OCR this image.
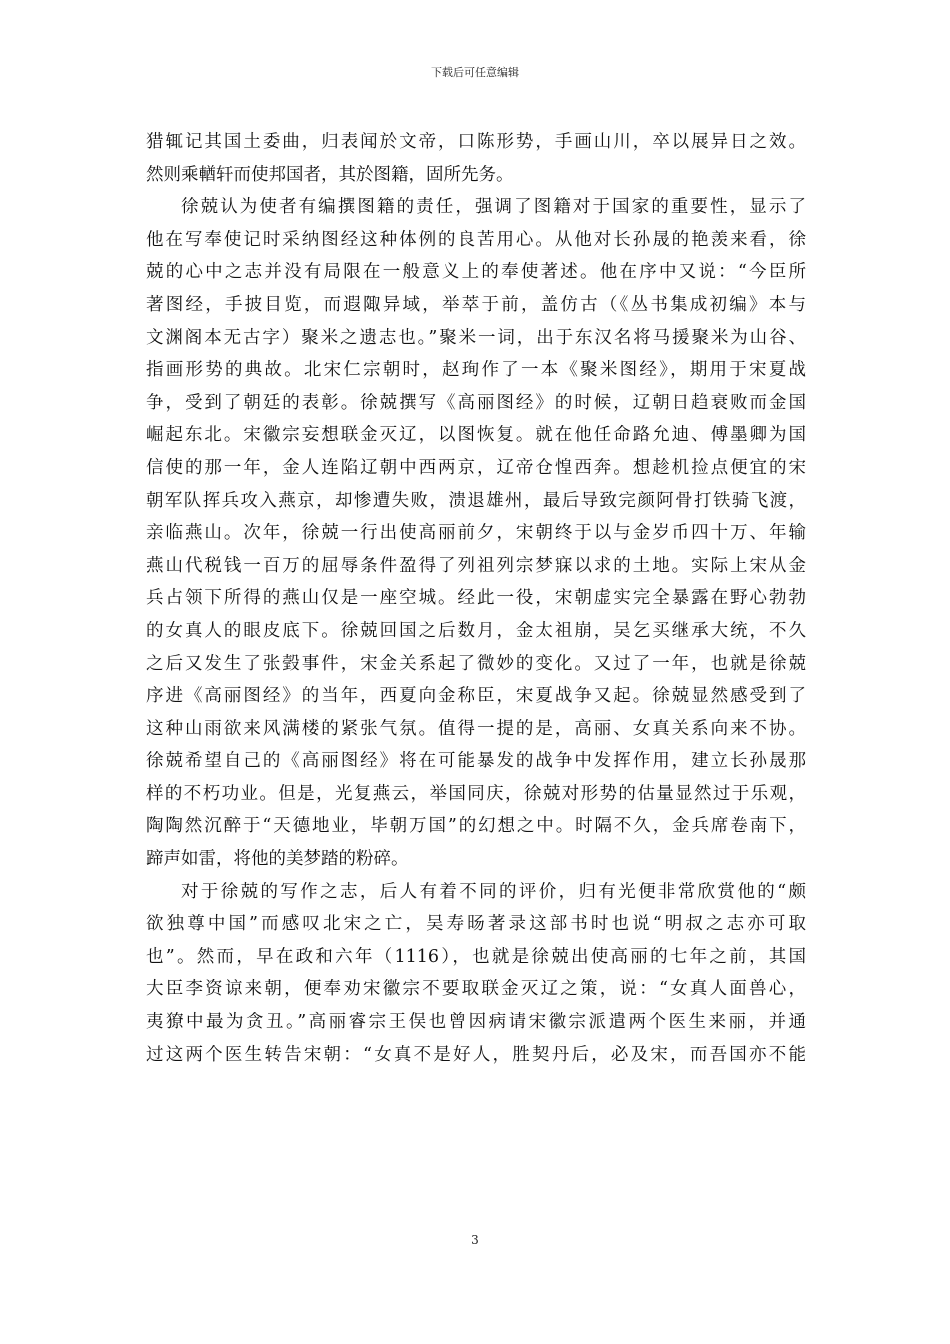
下载后可任意编辑
猎辄记其国土委曲，归表闻於文帝，口陈形势，手画山川，卒以展异日之效。
然则乘輶轩而使邦国者，其於图籍，固所先务。
徐兢认为使者有编撰图籍的责任，强调了图籍对于国家的重要性，显示了
他在写奉使记时采纳图经这种体例的良苦用心。从他对长孙晟的艳羡来看，徐
兢的心中之志并没有局限在一般意义上的奉使著述。他在序中又说：“今臣所
著图经，手披目览，而遐陬异域，举萃于前，盖仿古（《丛书集成初编》本与
文渊阁本无古字）聚米之遗志也。”聚米一词，出于东汉名将马援聚米为山谷、
指画形势的典故。北宋仁宗朝时，赵珣作了一本《聚米图经》，期用于宋夏战
争，受到了朝廷的表彰。徐兢撰写《高丽图经》的时候，辽朝日趋衰败而金国
崛起东北。宋徽宗妄想联金灭辽，以图恢复。就在他任命路允迪、傅墨卿为国
信使的那一年，金人连陷辽朝中西两京，辽帝仓惶西奔。想趁机捡点便宜的宋
朝军队挥兵攻入燕京，却惨遭失败，溃退雄州，最后导致完颜阿骨打铁骑飞渡，
亲临燕山。次年，徐兢一行出使高丽前夕，宋朝终于以与金岁币四十万、年输
燕山代税钱一百万的屈辱条件盈得了列祖列宗梦寐以求的土地。实际上宋从金
兵占领下所得的燕山仅是一座空城。经此一役，宋朝虚实完全暴露在野心勃勃
的女真人的眼皮底下。徐兢回国之后数月，金太祖崩，吴乞买继承大统，不久
之后又发生了张瑴事件，宋金关系起了微妙的变化。又过了一年，也就是徐兢
序进《高丽图经》的当年，西夏向金称臣，宋夏战争又起。徐兢显然感受到了
这种山雨欲来风满楼的紧张气氛。值得一提的是，高丽、女真关系向来不协。
徐兢希望自己的《高丽图经》将在可能暴发的战争中发挥作用，建立长孙晟那
样的不朽功业。但是，光复燕云，举国同庆，徐兢对形势的估量显然过于乐观，
陶陶然沉醉于“天德地业，毕朝万国”的幻想之中。时隔不久，金兵席卷南下，
蹄声如雷，将他的美梦踏的粉碎。
对于徐兢的写作之志，后人有着不同的评价，归有光便非常欣赏他的“颇
欲独尊中国”而感叹北宋之亡，吴寿旸著录这部书时也说“明叔之志亦可取
也”。然而，早在政和六年（1116），也就是徐兢出使高丽的七年之前，其国
大臣李资谅来朝，便奉劝宋徽宗不要取联金灭辽之策，说：“女真人面兽心，
夷獠中最为贪丑。”高丽睿宗王俣也曾因病请宋徽宗派遣两个医生来丽，并通
过这两个医生转告宋朝：“女真不是好人，胜契丹后，必及宋，而吾国亦不能
3
